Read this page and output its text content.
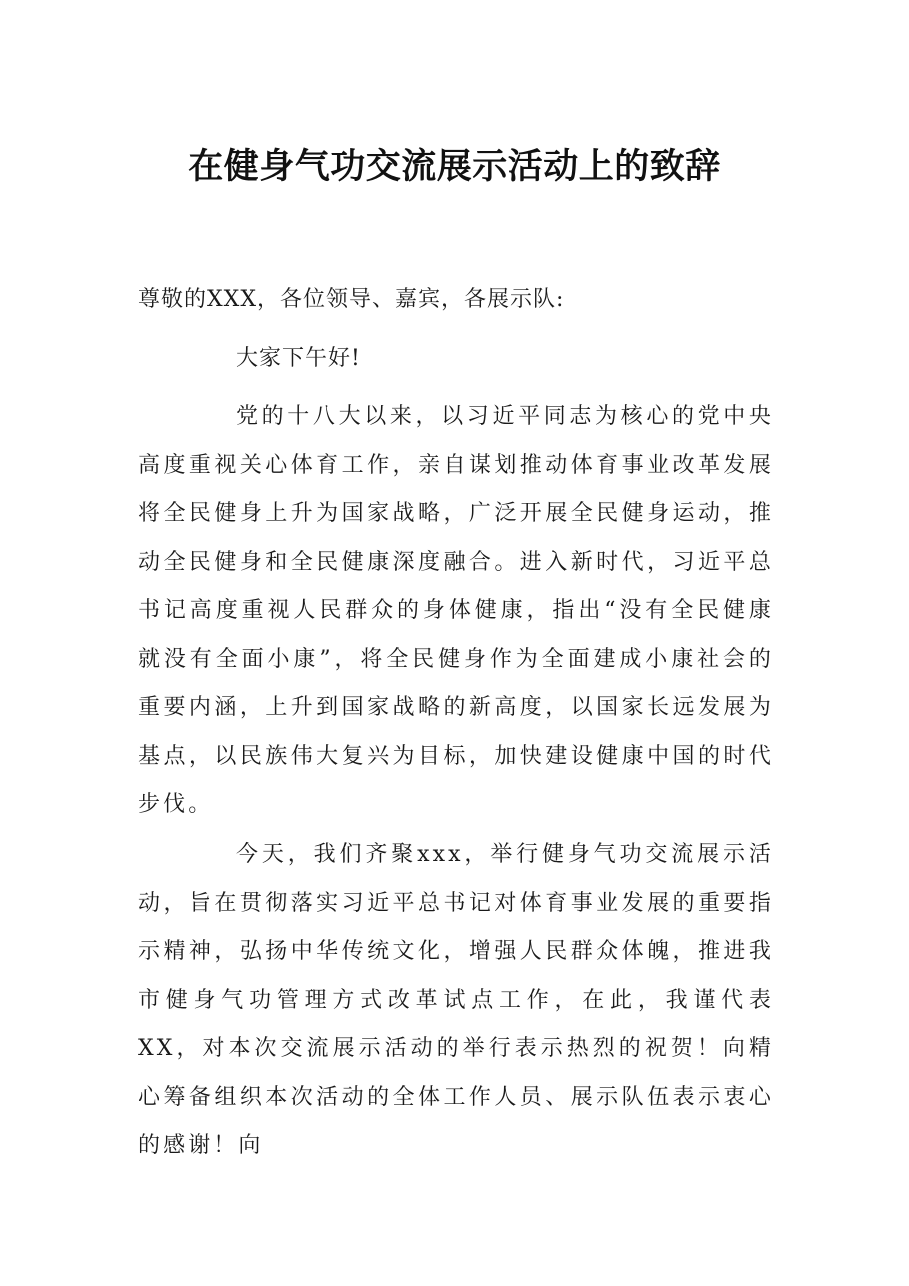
在健身气功交流展示活动上的致辞
尊敬的XXX，各位领导、嘉宾，各展示队:
大家下午好!

党的十八大以来，以习近平同志为核心的党中央高度重视关心体育工作，亲自谋划推动体育事业改革发展将全民健身上升为国家战略，广泛开展全民健身运动，推动全民健身和全民健康深度融合。进入新时代，习近平总书记高度重视人民群众的身体健康，指出“没有全民健康就没有全面小康”，将全民健身作为全面建成小康社会的重要内涵，上升到国家战略的新高度，以国家长远发展为基点，以民族伟大复兴为目标，加快建设健康中国的时代步伐。

今天，我们齐聚xxx，举行健身气功交流展示活动，旨在贯彻落实习近平总书记对体育事业发展的重要指示精神，弘扬中华传统文化，增强人民群众体魄，推进我市健身气功管理方式改革试点工作，在此，我谨代表XX，对本次交流展示活动的举行表示热烈的祝贺！向精心筹备组织本次活动的全体工作人员、展示队伍表示衷心的感谢！向
